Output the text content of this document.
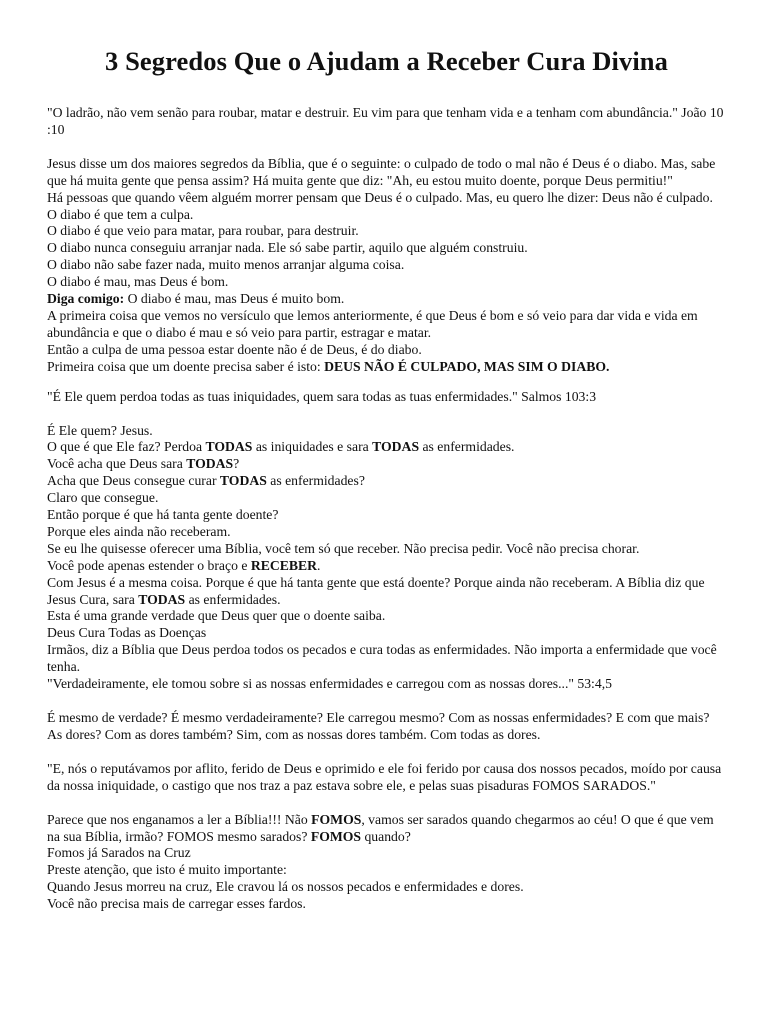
3 Segredos Que o Ajudam a Receber Cura Divina

"O ladrão, não vem senão para roubar, matar e destruir. Eu vim para que tenham vida e a tenham com abundância." João 10 :10

Jesus disse um dos maiores segredos da Bíblia, que é o seguinte: o culpado de todo o mal não é Deus é o diabo. Mas, sabe que há muita gente que pensa assim? Há muita gente que diz: "Ah, eu estou muito doente, porque Deus permitiu!"

Há pessoas que quando vêem alguém morrer pensam que Deus é o culpado. Mas, eu quero lhe dizer: Deus não é culpado.

O diabo é que tem a culpa.

O diabo é que veio para matar, para roubar, para destruir.

O diabo nunca conseguiu arranjar nada. Ele só sabe partir, aquilo que alguém construiu.

O diabo não sabe fazer nada, muito menos arranjar alguma coisa.

O diabo é mau, mas Deus é bom.

Diga comigo: O diabo é mau, mas Deus é muito bom.

A primeira coisa que vemos no versículo que lemos anteriormente, é que Deus é bom e só veio para dar vida e vida em abundância e que o diabo é mau e só veio para partir, estragar e matar.

Então a culpa de uma pessoa estar doente não é de Deus, é do diabo.

Primeira coisa que um doente precisa saber é isto: DEUS NÃO É CULPADO, MAS SIM O DIABO.

"É Ele quem perdoa todas as tuas iniquidades, quem sara todas as tuas enfermidades." Salmos 103:3

É Ele quem? Jesus.

O que é que Ele faz? Perdoa TODAS as iniquidades e sara TODAS as enfermidades.

Você acha que Deus sara TODAS?

Acha que Deus consegue curar TODAS as enfermidades?

Claro que consegue.

Então porque é que há tanta gente doente?

Porque eles ainda não receberam.

Se eu lhe quisesse oferecer uma Bíblia, você tem só que receber. Não precisa pedir. Você não precisa chorar.

Você pode apenas estender o braço e RECEBER.

Com Jesus é a mesma coisa. Porque é que há tanta gente que está doente? Porque ainda não receberam. A Bíblia diz que Jesus Cura, sara TODAS as enfermidades.

Esta é uma grande verdade que Deus quer que o doente saiba.

Deus Cura Todas as Doenças

Irmãos, diz a Bíblia que Deus perdoa todos os pecados e cura todas as enfermidades. Não importa a enfermidade que você tenha.

"Verdadeiramente, ele tomou sobre si as nossas enfermidades e carregou com as nossas dores..." 53:4,5

É mesmo de verdade? É mesmo verdadeiramente? Ele carregou mesmo? Com as nossas enfermidades? E com que mais? As dores? Com as dores também? Sim, com as nossas dores também. Com todas as dores.

"E, nós o reputávamos por aflito, ferido de Deus e oprimido e ele foi ferido por causa dos nossos pecados, moído por causa da nossa iniquidade, o castigo que nos traz a paz estava sobre ele, e pelas suas pisaduras FOMOS SARADOS."

Parece que nos enganamos a ler a Bíblia!!! Não FOMOS, vamos ser sarados quando chegarmos ao céu! O que é que vem na sua Bíblia, irmão? FOMOS mesmo sarados? FOMOS quando?

Fomos já Sarados na Cruz

Preste atenção, que isto é muito importante:

Quando Jesus morreu na cruz, Ele cravou lá os nossos pecados e enfermidades e dores.

Você não precisa mais de carregar esses fardos.
